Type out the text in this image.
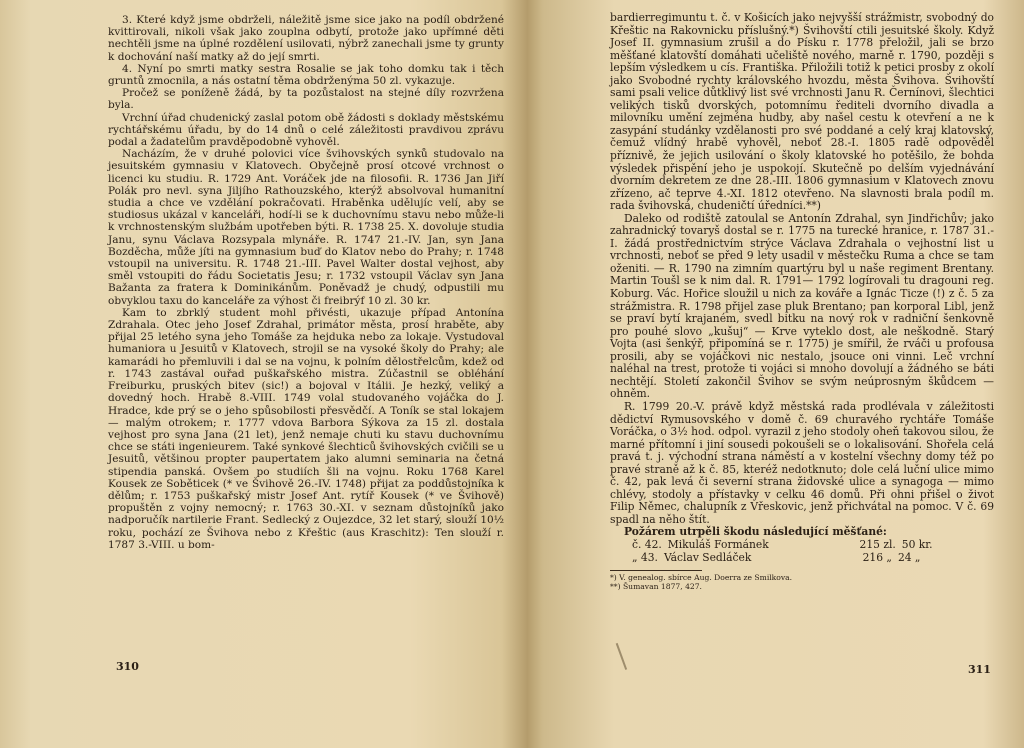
3. Které když jsme obdrželi, náležitě jsme sice jako na podíl obdržené kvittirovali, nikoli však jako zouplna odbytí, protože jako upřímné děti nechtěli jsme na úplné rozdělení usilovati, nýbrž zanechali jsme ty grunty k dochování naší matky až do její smrti.

4. Nyní po smrti matky sestra Rosalie se jak toho domku tak i těch gruntů zmocnila, a nás ostatní těma obdrženýma 50 zl. vykazuje.

Pročež se poníženě žádá, by ta pozůstalost na stejné díly rozvržena byla.

Vrchní úřad chudenický zaslal potom obě žádosti s doklady městskému rychtářskému úřadu, by do 14 dnů o celé záležitosti pravdivou zprávu podal a žadatelům pravděpodobně vyhověl.

Nacházím, že v druhé polovici více švihovských synků studovalo na jesuitském gymnasiu v Klatovech. Obyčejně prosí otcové vrchnost o licenci ku studiu. R. 1729 Ant. Voráček jde na filosofii. R. 1736 Jan Jiří Polák pro nevl. syna Jiljího Rathouzského, kterýž absolvoval humanitní studia a chce ve vzdělání pokračovati. Hraběnka udělujíc velí, aby se studiosus ukázal v kanceláři, hodí-li se k duchovnímu stavu nebo může-li k vrchnostenským službám upotřeben býti. R. 1738 25. X. dovoluje studia Janu, synu Václava Rozsypala mlynáře. R. 1747 21.-IV. Jan, syn Jana Bozděcha, může jíti na gymnasium buď do Klatov nebo do Prahy; r. 1748 vstoupil na universitu. R. 1748 21.-III. Pavel Walter dostal vejhost, aby směl vstoupiti do řádu Societatis Jesu; r. 1732 vstoupil Václav syn Jana Bažanta za fratera k Dominikánům. Poněvadž je chudý, odpustili mu obvyklou taxu do kanceláře za výhost či freibrýf 10 zl. 30 kr.

Kam to zbrklý student mohl přivésti, ukazuje případ Antonína Zdrahala. Otec jeho Josef Zdrahal, primátor města, prosí hraběte, aby přijal 25 letého syna jeho Tomáše za hejduka nebo za lokaje. Vystudoval humaniora u Jesuitů v Klatovech, strojil se na vysoké školy do Prahy; ale kamarádi ho přemluvili i dal se na vojnu, k polním dělostřelcům, kdež od r. 1743 zastával ouřad puškařského mistra. Zúčastnil se obléhání Freiburku, pruských bitev (sic!) a bojoval v Itálii. Je hezký, veliký a dovedný hoch. Hrabě 8.-VIII. 1749 volal studovaného vojáčka do J. Hradce, kde prý se o jeho spůsobilosti přesvědčí. A Toník se stal lokajem — malým otrokem; r. 1777 vdova Barbora Sýkova za 15 zl. dostala vejhost pro syna Jana (21 let), jenž nemaje chuti ku stavu duchovnímu chce se státi ingenieurem. Také synkové šlechticů švihovských cvičili se u Jesuitů, většinou propter paupertatem jako alumni seminaria na četná stipendia panská. Ovšem po studiích šli na vojnu. Roku 1768 Karel Kousek ze Soběticek (* ve Švihově 26.-IV. 1748) přijat za poddůstojníka k dělům; r. 1753 puškařský mistr Josef Ant. rytíř Kousek (* ve Švihově) propuštěn z vojny nemocný; r. 1763 30.-XI. v seznam důstojníků jako nadporučík nartilerie Frant. Sedlecký z Oujezdce, 32 let starý, slouží 10½ roku, pochází ze Švihova nebo z Křeštic (aus Kraschitz): Ten slouží r. 1787 3.-VIII. u bom-

310

bardierregimuntu t. č. v Košicích jako nejvyšší strážmistr, svobodný do Křeštic na Rakovnicku příslušný.*) Švihovští ctili jesuitské školy. Když Josef II. gymnasium zrušil a do Písku r. 1778 přeložil, jali se brzo měšťané klatovští domáhati učeliště nového, marně r. 1790, později s lepším výsledkem u cís. Františka. Přiložili totiž k petici prosby z okolí jako Svobodné rychty královského hvozdu, města Švihova. Švihovští sami psali velice důtklivý list své vrchnosti Janu R. Černínovi, šlechtici velikých tisků dvorských, potomnímu řediteli dvorního divadla a milovníku umění zejména hudby, aby našel cestu k otevření a ne k zasypání studánky vzdělanosti pro své poddané a celý kraj klatovský, čemuž vlídný hrabě vyhověl, neboť 28.-I. 1805 radě odpověděl příznivě, že jejich usilování o školy klatovské ho potěšilo, že bohda výsledek přispění jeho je uspokojí. Skutečně po delším vyjednávání dvorním dekretem ze dne 28.-III. 1806 gymnasium v Klatovech znovu zřízeno, ač teprve 4.-XI. 1812 otevřeno. Na slavnosti brala podíl m. rada švihovská, chudeničtí úředníci.**)

Daleko od rodiště zatoulal se Antonín Zdrahal, syn Jindřichův; jako zahradnický tovaryš dostal se r. 1775 na turecké hranice, r. 1787 31.-I. žádá prostřednictvím strýce Václava Zdrahala o vejhostní list u vrchnosti, neboť se před 9 lety usadil v městečku Ruma a chce se tam oženiti. — R. 1790 na zimním quartýru byl u naše regiment Brentany. Martin Toušl se k nim dal. R. 1791— 1792 logírovali tu dragouni reg. Koburg. Vác. Hořice sloužil u nich za kováře a Ignác Ticze (!) z č. 5 za strážmistra. R. 1798 přijel zase pluk Brentano; pan korporal Libl, jenž se praví bytí krajaném, svedl bitku na nový rok v radniční šenkovně pro pouhé slovo „kušuj“ — Krve vyteklo dost, ale neškodně. Starý Vojta (asi šenkýř, připomíná se r. 1775) je smířil, že rváči u profousa prosili, aby se vojáčkovi nic nestalo, jsouce oni vinni. Leč vrchní naléhal na trest, protože ti vojáci si mnoho dovolují a žádného se báti nechtějí. Století zakončil Švihov se svým neúprosným škůdcem — ohněm.

R. 1799 20.-V. právě když městská rada prodlévala v záležitosti dědictví Rymusovského v domě č. 69 churavého rychtáře Tomáše Voráčka, o 3½ hod. odpol. vyrazil z jeho stodoly oheň takovou silou, že marné přítomní i jiní sousedi pokoušeli se o lokalisování. Shořela celá pravá t. j. východní strana náměstí a v kostelní všechny domy též po pravé straně až k č. 85, kteréž nedotknuto; dole celá luční ulice mimo č. 42, pak levá či severní strana židovské ulice a synagoga — mimo chlévy, stodoly a přístavky v celku 46 domů. Při ohni přišel o život Filip Němec, chalupník z Vřeskovic, jenž přichvátal na pomoc. V č. 69 spadl na něho štít.

Požárem utrpěli škodu následující měšťané:

č. 42. Mikuláš Formánek	215 zl. 50 kr.
„ 43. Václav Sedláček	216 „ 24 „
*) V. genealog. sbírce Aug. Doerra ze Smilkova.
**) Šumavan 1877, 427.
311
